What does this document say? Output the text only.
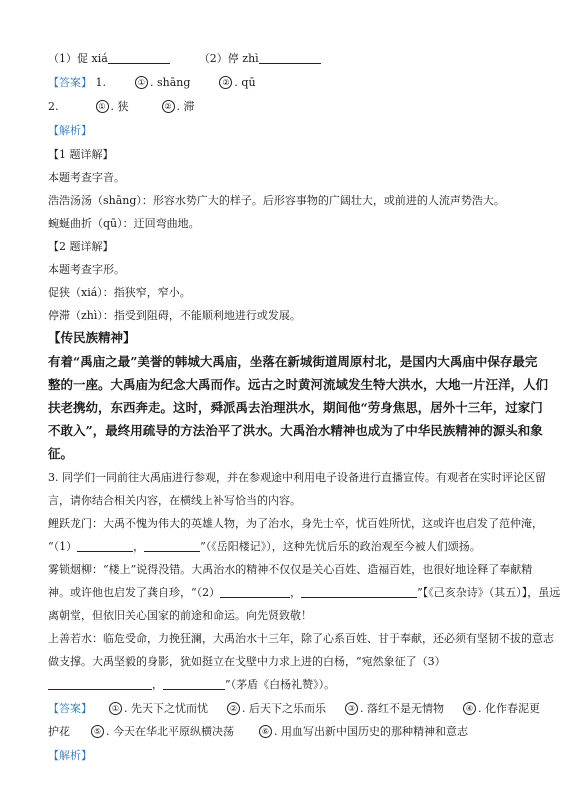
（1）促 xiá	（2）停 zhì
【答案】 1.	① . shāng	② . qū
2.	① . 狭	② . 滞
【解析】
【1 题详解】
本题考查字音。
浩浩汤汤（shāng）：形容水势广大的样子。后形容事物的广阔壮大，或前进的人流声势浩大。
蜿蜒曲折（qū）：迂回弯曲地。
【2 题详解】
本题考查字形。
促狭（xiá）：指狭窄，窄小。
停滞（zhì）：指受到阻碍，不能顺利地进行或发展。
【传民族精神】
有着“禹庙之最”美誉的韩城大禹庙，坐落在新城街道周原村北，是国内大禹庙中保存最完
整的一座。大禹庙为纪念大禹而作。远古之时黄河流域发生特大洪水，大地一片汪洋，人们
扶老携幼，东西奔走。这时，舜派禹去治理洪水，期间他“劳身焦思，居外十三年，过家门
不敢入”，最终用疏导的方法治平了洪水。大禹治水精神也成为了中华民族精神的源头和象
征。
3. 同学们一同前往大禹庙进行参观，并在参观途中利用电子设备进行直播宣传。有观者在实时评论区留
言，请你结合相关内容，在横线上补写恰当的内容。
鲤跃龙门：大禹不愧为伟大的英雄人物，为了治水，身先士卒，忧百姓所忧，这或许也启发了范仲淹，
“（1）	，	”（《岳阳楼记》），这种先忧后乐的政治观至今被人们颂扬。
雾锁烟柳：“楼上”说得没错。大禹治水的精神不仅仅是关心百姓、造福百姓，也很好地诠释了奉献精
神。或许他也启发了龚自珍，“（2）	，	”【《己亥杂诗》（其五）】，虽远
离朝堂，但依旧关心国家的前途和命运。向先贤致敬！
上善若水：临危受命，力挽狂澜，大禹治水十三年，除了心系百姓、甘于奉献，还必须有坚韧不拔的意志
做支撑。大禹坚毅的身影，犹如挺立在戈壁中力求上进的白杨，“宛然象征了（3）
，	”（茅盾《白杨礼赞》）。
【答案】 ① . 先天下之忧而忧	② . 后天下之乐而乐	③ . 落红不是无情物	④ . 化作春泥更
护花	⑤ . 今天在华北平原纵横决荡	⑥ . 用血写出新中国历史的那种精神和意志
【解析】
